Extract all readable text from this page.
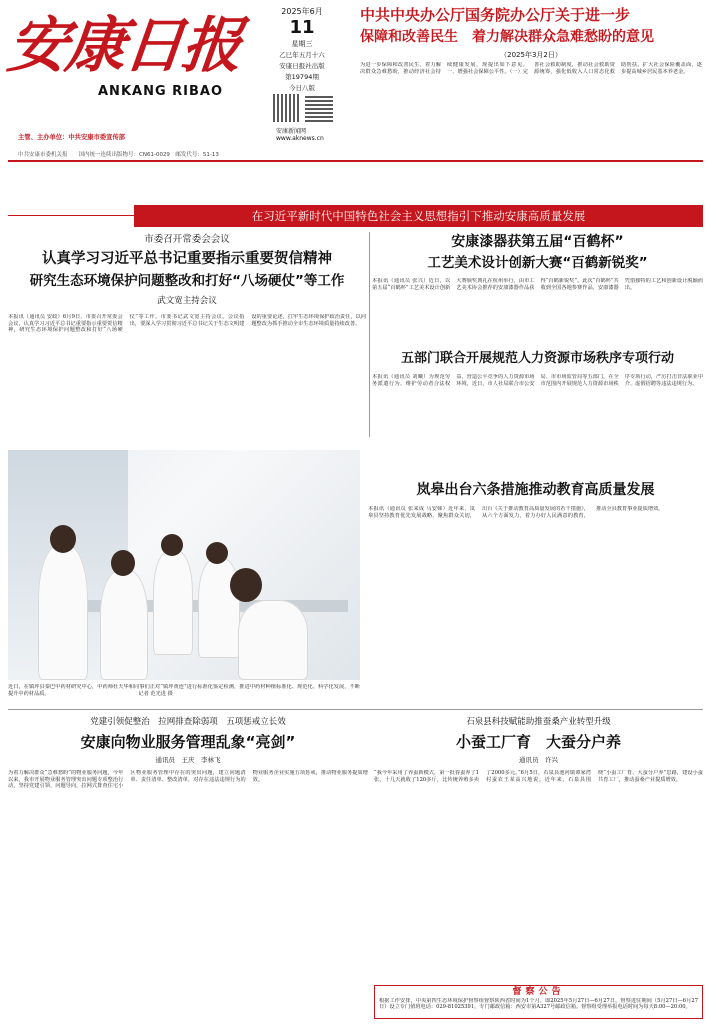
安康日报
ANKANG RIBAO
主管、主办单位：中共安康市委宣传部
2025年6月
11
星期三
乙巳年五月十六
安康日报社出版
第19794期
今日八版
安康新闻网
www.aknews.cn
中共中央办公厅国务院办公厅关于进一步
保障和改善民生　着力解决群众急难愁盼的意见
（2025年3月2日）
为进一步保障和改善民生，着力解决群众急难愁盼，推动经济社会持续健康发展，现提出如下意见。一、增强社会保障公平性。（一）完善社会救助制度，推动社会救助资源统筹，强化低收入人口常态化救助帮扶，扩大社会保险覆盖面，逐步提高城乡居民基本养老金。
中共安康市委机关报　　国内统一连续出版物号：CN61-0029　邮发代号：51-13
在习近平新时代中国特色社会主义思想指引下推动安康高质量发展
市委召开常委会会议
认真学习习近平总书记重要指示重要贺信精神
研究生态环境保护问题整改和打好“八场硬仗”等工作
武文宽主持会议
本报讯（通讯员 安政）6月9日，市委召开常委会会议，认真学习习近平总书记重要指示重要贺信精神，研究生态环境保护问题整改和打好“八场硬仗”等工作。市委书记武文宽主持会议。会议指出，要深入学习贯彻习近平总书记关于生态文明建设的重要论述，扛牢生态环境保护政治责任，以问题整改为抓手推动全市生态环境质量持续改善。
安康漆器获第五届“百鹤杯”
工艺美术设计创新大赛“百鹤新锐奖”
本报讯（通讯员 张兴）近日，以第五届“百鹤杯”工艺美术设计创新大赛颁奖典礼在杭州举行，由市工艺美术协会推荐的安康漆器作品获得“百鹤新锐奖”。此次“百鹤杯”共收到全国各地参赛作品，安康漆器凭借独特的工艺和创新设计脱颖而出。
五部门联合开展规范人力资源市场秩序专项行动
本报讯（通讯员 刘曦）为规范劳务派遣行为，维护劳动者合法权益，营造公平竞争的人力资源市场环境，近日，市人社局联合市公安局、市市场监管局等五部门，在全市范围内开展规范人力资源市场秩序专项行动，严厉打击非法职业中介、虚假招聘等违法违规行为。
近日，在镇坪县秦巴中药材研究中心，中药师杜天华和同事们正对“镇坪黄连”进行标准化鉴定检测，推进中药材种植标准化、规范化、科学化发展，不断提升中药材品质。　　　　　　　 　　　　　　　 　　　记者 范光进 摄
岚皋出台六条措施推动教育高质量发展
本报讯（通讯员 张来成 马安娣）近年来，岚皋县坚持教育优先发展战略，聚焦群众关切，出台《关于推动教育高质量发展的若干措施》，从六个方面发力，着力办好人民满意的教育，推动全县教育事业提质增效。
党建引领促整治　拉网排查除弱项　五项惩戒立长效
安康向物业服务管理乱象“亮剑”
通讯员　王庆　李林飞
为着力解决群众“急难愁盼”的物业服务问题，今年以来，我市开展物业服务管理突出问题专项整治行动，坚持党建引领、问题导向，拉网式排查住宅小区物业服务管理中存在的突出问题，建立问题清单、责任清单、整改清单，对存在违法违规行为的物业服务企业实施五项惩戒，推动物业服务提质增效。
石泉县科技赋能助推蚕桑产业转型升级
小蚕工厂育　大蚕分户养
通讯员　许兴
“我今年采用了养蚕新模式，第一批春蚕养了1张，十几天就收了120多斤，比传统养殖多卖了2000多元。”6月5日，石泉县池河镇谭家湾村蚕农王某高兴地说。近年来，石泉县围绕“小蚕工厂育、大蚕分户养”思路，建设小蚕共育工厂，推动蚕桑产业提质增效。
督察公告
根据工作安排，中央第四生态环境保护督察组督察陕西省时间为1个月，即2025年5月27日—6月27日。督察进驻期间（5月27日—6月27日）设立专门值班电话：029-81025391，专门邮政信箱：西安市第A327号邮政信箱。督察组受理举报电话时间为每天8:00—20:00。
